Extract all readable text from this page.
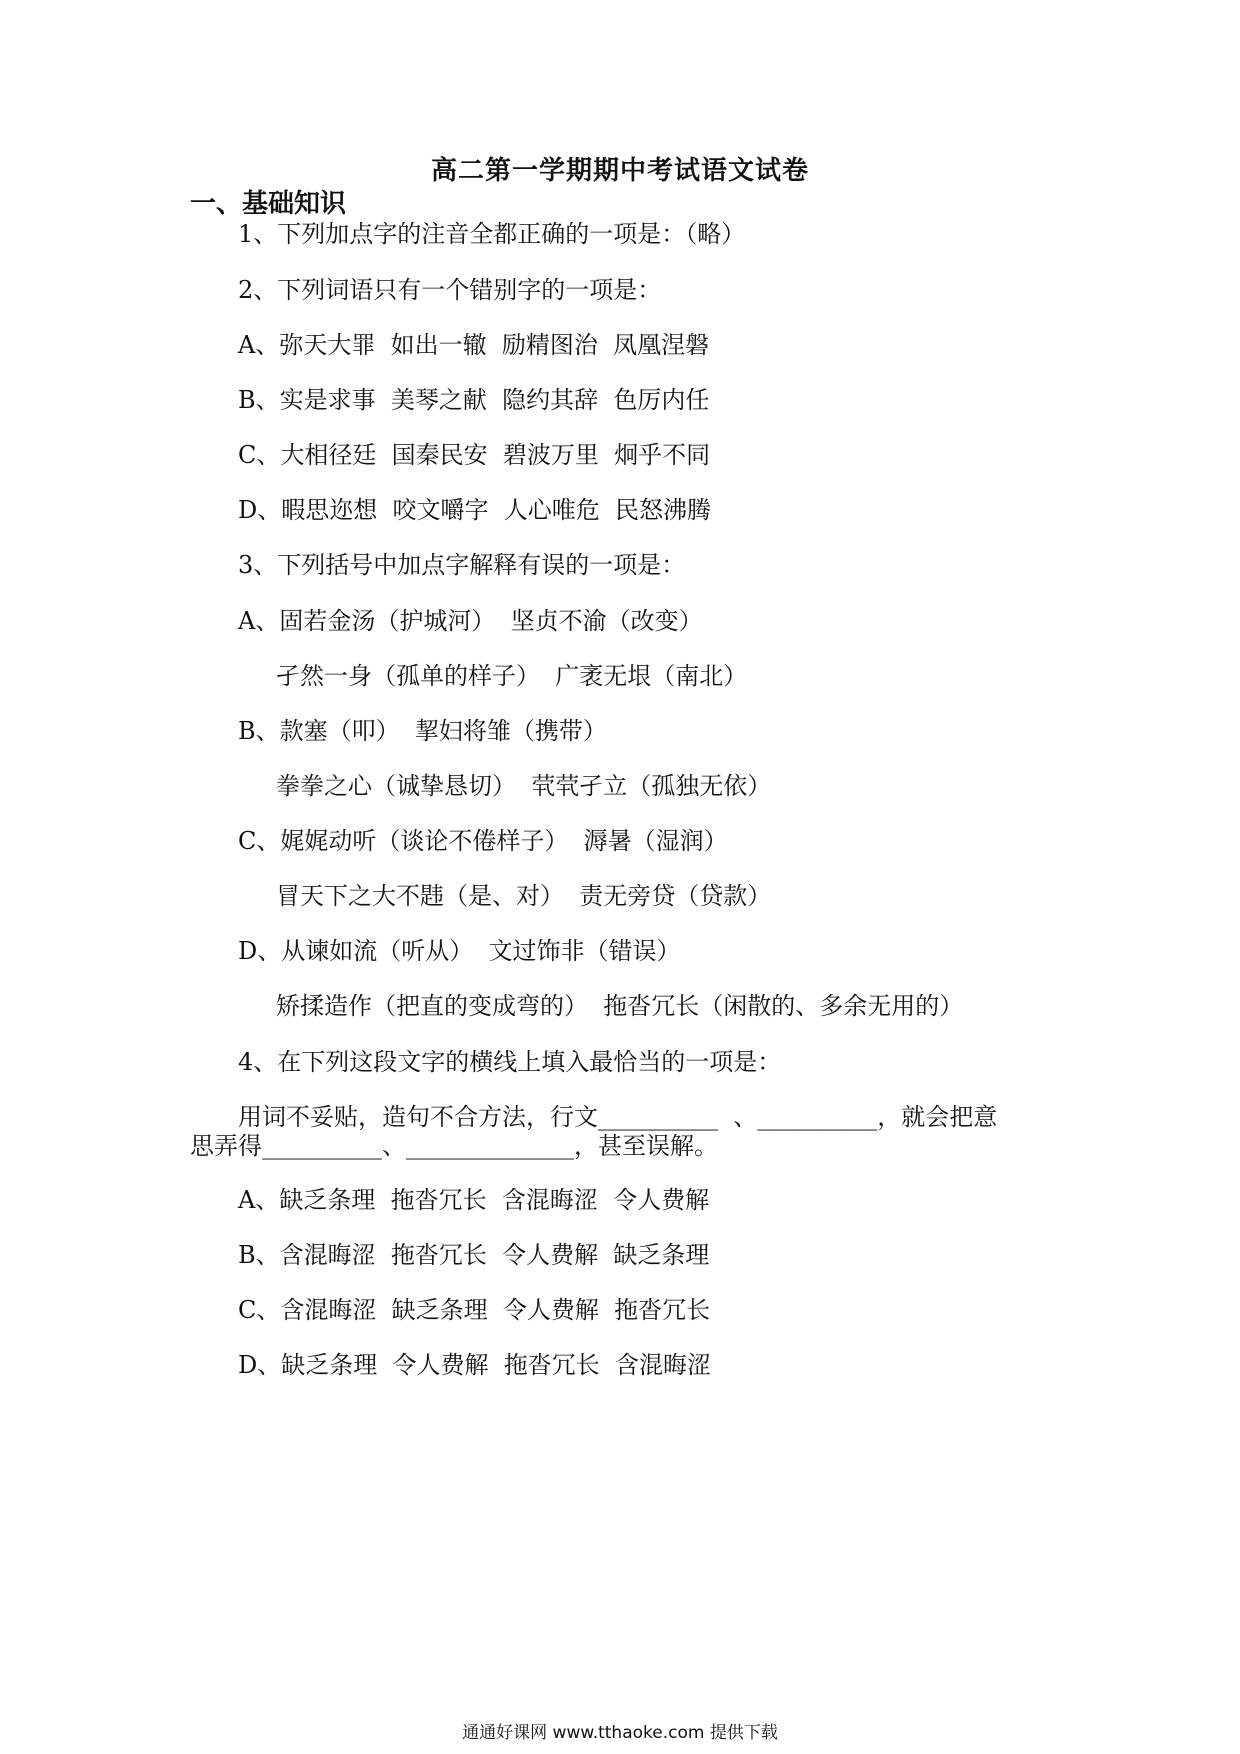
高二第一学期期中考试语文试卷
一、基础知识
1、下列加点字的注音全都正确的一项是：（略）
2、下列词语只有一个错别字的一项是：
A、弥天大罪  如出一辙  励精图治  凤凰涅磐
B、实是求事  美琴之献  隐约其辞  色厉内任
C、大相径廷  国秦民安  碧波万里  炯乎不同
D、暇思迩想  咬文嚼字  人心唯危  民怒沸腾
3、下列括号中加点字解释有误的一项是：
A、固若金汤（护城河）  坚贞不渝（改变）
孑然一身（孤单的样子）  广袤无垠（南北）
B、款塞（叩）  挈妇将雏（携带）
拳拳之心（诚挚恳切）  茕茕孑立（孤独无依）
C、娓娓动听（谈论不倦样子）  溽暑（湿润）
冒天下之大不韪（是、对）  责无旁贷（贷款）
D、从谏如流（听从）  文过饰非（错误）
矫揉造作（把直的变成弯的）  拖沓冗长（闲散的、多余无用的）
4、在下列这段文字的横线上填入最恰当的一项是：
用词不妥贴，造句不合方法，行文__________  、__________，就会把意
思弄得__________、______________，甚至误解。
A、缺乏条理  拖沓冗长  含混晦涩  令人费解
B、含混晦涩  拖沓冗长  令人费解  缺乏条理
C、含混晦涩  缺乏条理  令人费解  拖沓冗长
D、缺乏条理  令人费解  拖沓冗长  含混晦涩
通通好课网 www.tthaoke.com 提供下载
